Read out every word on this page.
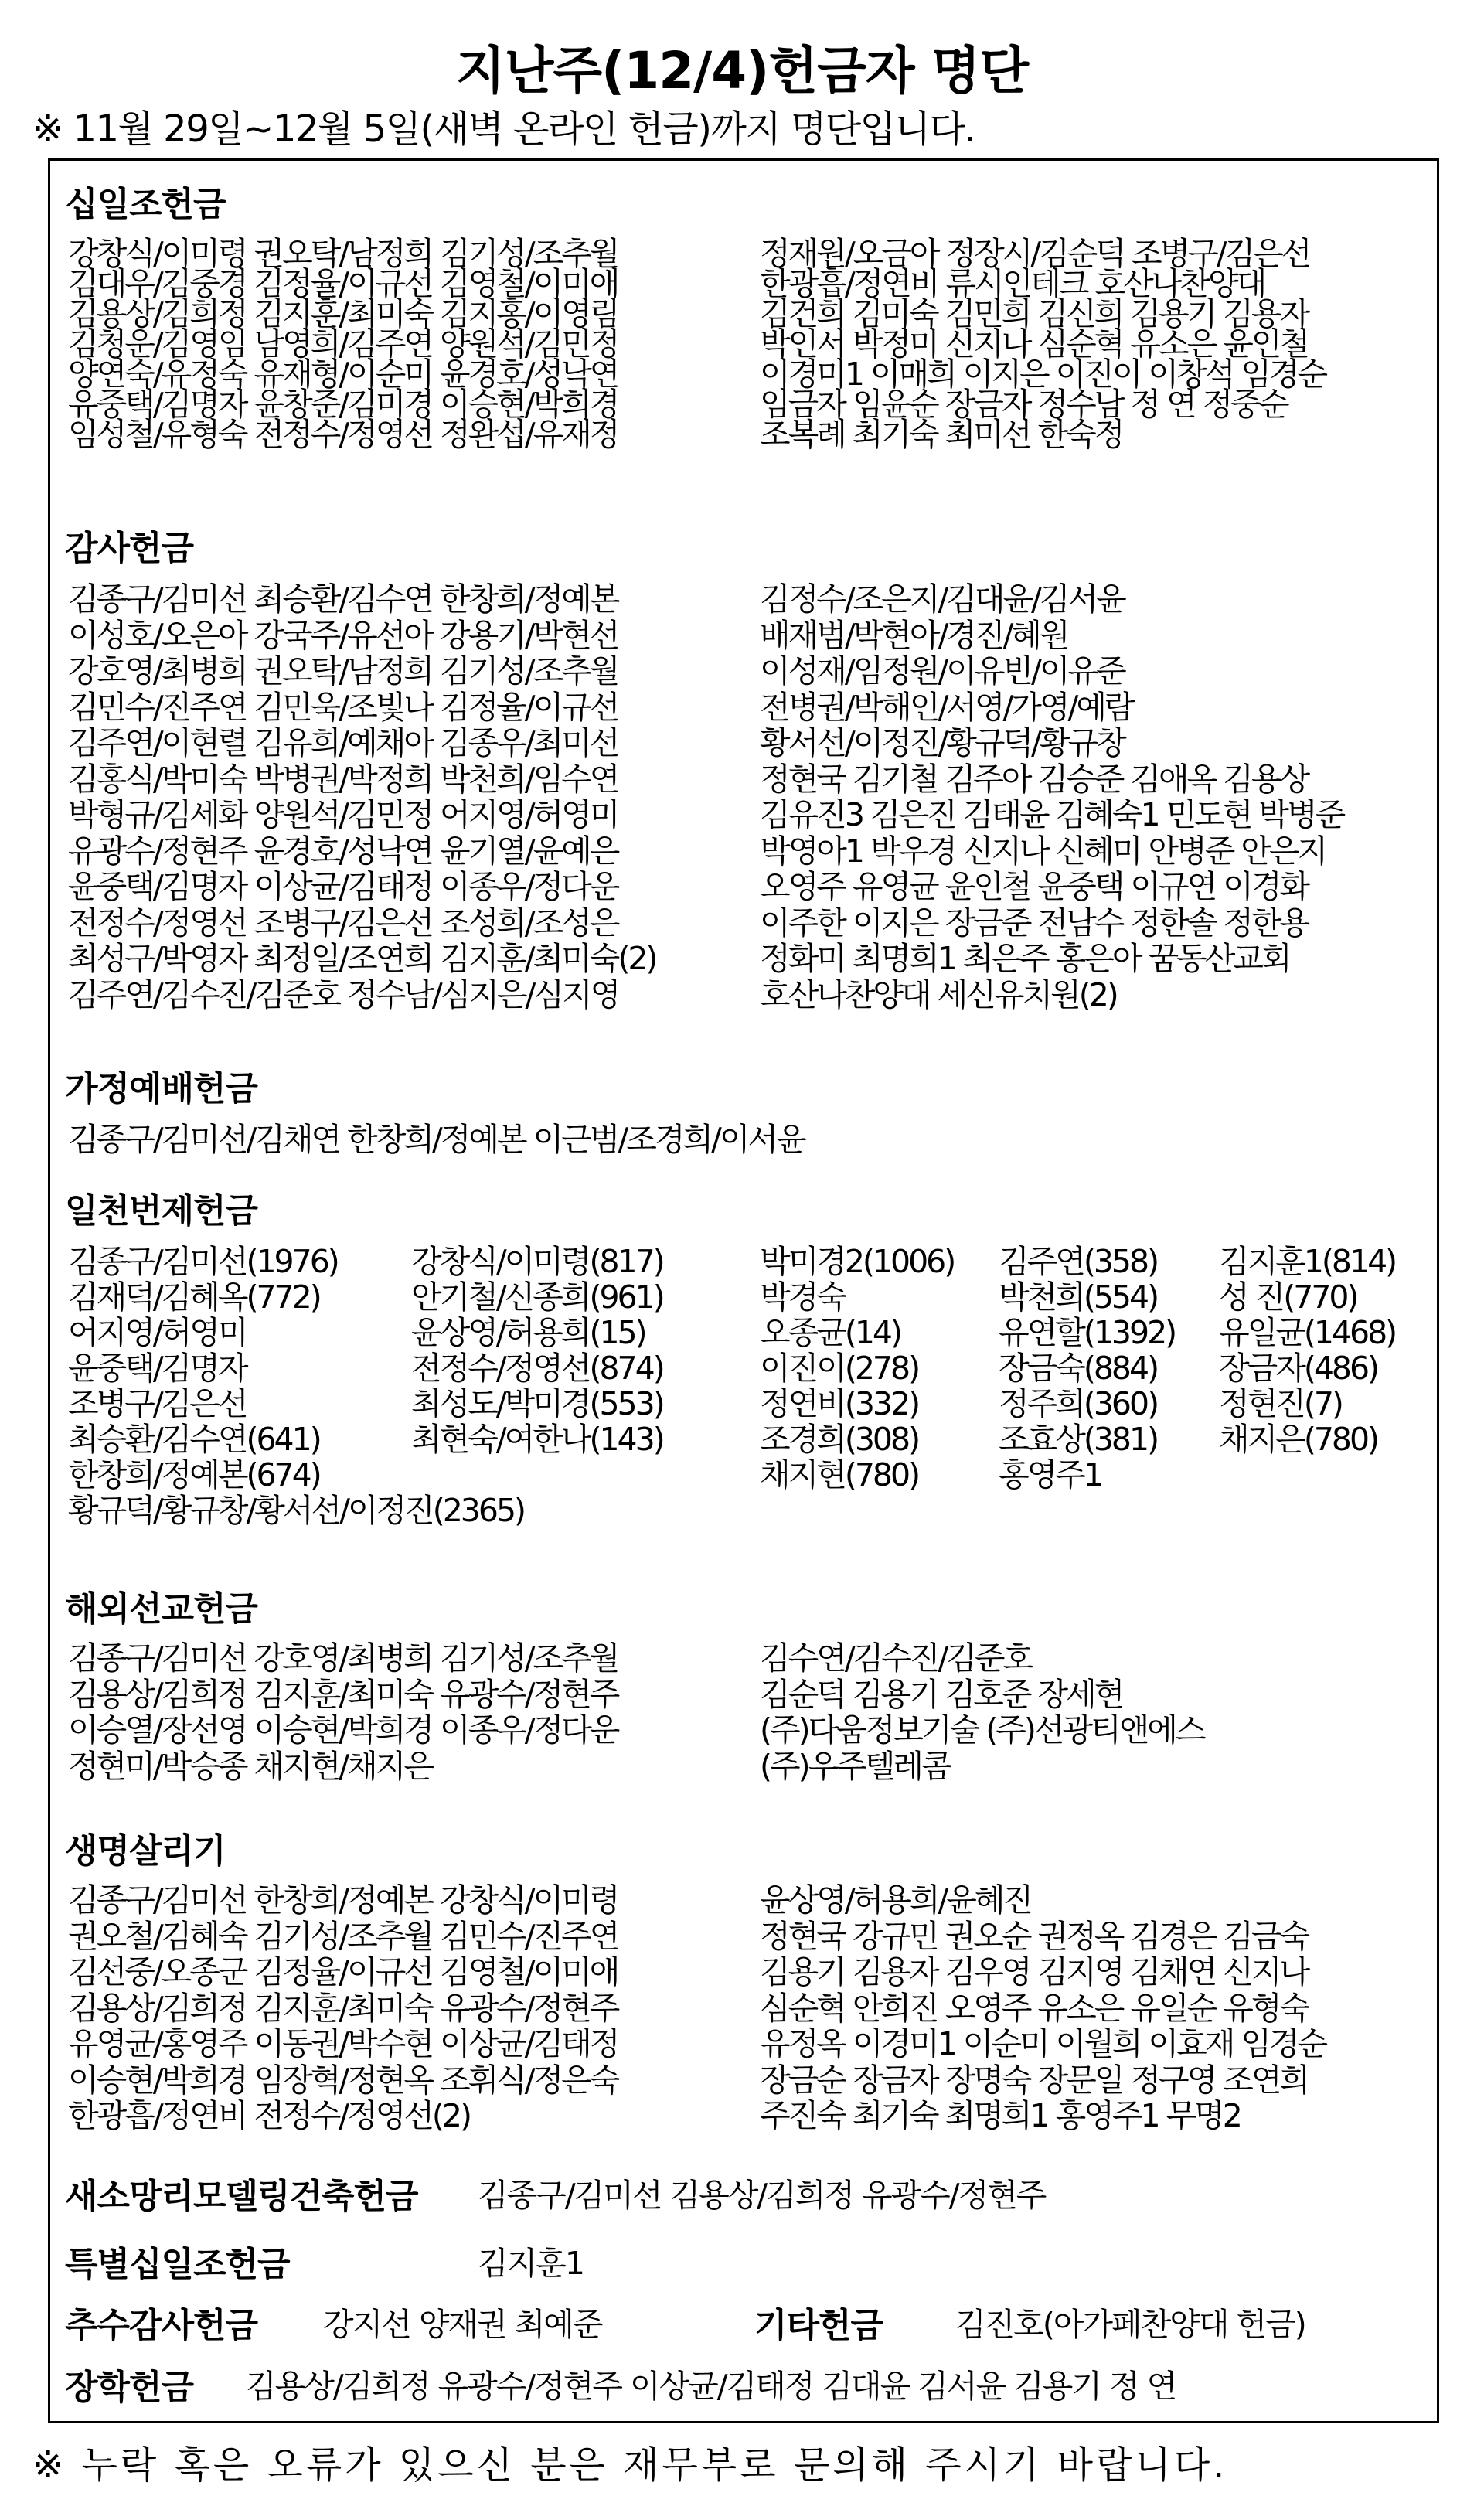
지난주(12/4)헌금자 명단
※ 11월 29일~12월 5일(새벽 온라인 헌금)까지 명단입니다.
십일조헌금
감사헌금
가정예배헌금
일천번제헌금
해외선교헌금
생명살리기
김종구/김미선/김채연 한창희/정예본 이근범/조경희/이서윤
새소망리모델링건축헌금 김종구/김미선 김용상/김희정 유광수/정현주
특별십일조헌금	김지훈1
추수감사헌금 강지선 양재권 최예준	기타헌금 김진호(아가페찬양대 헌금)
장학헌금 김용상/김희정 유광수/정현주 이상균/김태정 김대윤 김서윤 김용기 정 연
※ 누락 혹은 오류가 있으신 분은 재무부로 문의해 주시기 바랍니다.
강창식/이미령 권오탁/남정희 김기성/조추월
김대우/김중경 김정율/이규선 김영철/이미애
김용상/김희정 김지훈/최미숙 김지홍/이영림
김청운/김영임 남영희/김주연 양원석/김민정
양연숙/유정숙 유재형/이순미 윤경호/성낙연
유중택/김명자 윤창준/김미경 이승현/박희경
임성철/유형숙 전정수/정영선 정완섭/유재정
정재원/오금아 정장시/김순덕 조병구/김은선
한광흡/정연비 류시인테크 호산나찬양대
김건희 김미숙 김민희 김신희 김용기 김용자
박인서 박정미 신지나 심순혁 유소은 윤인철
이경미1 이매희 이지은 이진이 이창석 임경순
임금자 임윤순 장금자 정수남 정 연 정중순
조복례 최기숙 최미선 한숙정
김종구/김미선 최승환/김수연 한창희/정예본
이성호/오은아 강국주/유선아 강용기/박현선
강호영/최병희 권오탁/남정희 김기성/조추월
김민수/진주연 김민욱/조빛나 김정율/이규선
김주연/이현렬 김유희/예채아 김종우/최미선
김홍식/박미숙 박병권/박정희 박천희/임수연
박형규/김세화 양원석/김민정 어지영/허영미
유광수/정현주 윤경호/성낙연 윤기열/윤예은
윤중택/김명자 이상균/김태정 이종우/정다운
전정수/정영선 조병구/김은선 조성희/조성은
최성구/박영자 최정일/조연희 김지훈/최미숙(2)
김주연/김수진/김준호 정수남/심지은/심지영
김정수/조은지/김대윤/김서윤
배재범/박현아/경진/혜원
이성재/임정원/이유빈/이유준
전병권/박해인/서영/가영/예람
황서선/이정진/황규덕/황규창
정현국 김기철 김주아 김승준 김애옥 김용상
김유진3 김은진 김태윤 김혜숙1 민도현 박병준
박영아1 박우경 신지나 신혜미 안병준 안은지
오영주 유영균 윤인철 윤중택 이규연 이경화
이주한 이지은 장금준 전남수 정한솔 정한용
정화미 최명희1 최은주 홍은아 꿈동산교회
호산나찬양대 세신유치원(2)
김종구/김미선(1976)
김재덕/김혜옥(772)
어지영/허영미
윤중택/김명자
조병구/김은선
최승환/김수연(641)
한창희/정예본(674)
황규덕/황규창/황서선/이정진(2365)
강창식/이미령(817)
안기철/신종희(961)
윤상영/허용희(15)
전정수/정영선(874)
최성도/박미경(553)
최현숙/여한나(143)
박미경2(1006)
박경숙
오종균(14)
이진이(278)
정연비(332)
조경희(308)
채지현(780)
김주연(358)
박천희(554)
유연할(1392)
장금숙(884)
정주희(360)
조효상(381)
홍영주1
김지훈1(814)
성 진(770)
유일균(1468)
장금자(486)
정현진(7)
채지은(780)
김종구/김미선 강호영/최병희 김기성/조추월
김용상/김희정 김지훈/최미숙 유광수/정현주
이승열/장선영 이승현/박희경 이종우/정다운
정현미/박승종 채지현/채지은
김수연/김수진/김준호
김순덕 김용기 김호준 장세현
(주)다움정보기술 (주)선광티앤에스
(주)우주텔레콤
김종구/김미선 한창희/정예본 강창식/이미령
권오철/김혜숙 김기성/조추월 김민수/진주연
김선중/오종군 김정율/이규선 김영철/이미애
김용상/김희정 김지훈/최미숙 유광수/정현주
유영균/홍영주 이동권/박수현 이상균/김태정
이승현/박희경 임장혁/정현옥 조휘식/정은숙
한광흡/정연비 전정수/정영선(2)
윤상영/허용희/윤혜진
정현국 강규민 권오순 권정옥 김경은 김금숙
김용기 김용자 김우영 김지영 김채연 신지나
심순혁 안희진 오영주 유소은 유일순 유형숙
유정옥 이경미1 이순미 이월희 이효재 임경순
장금순 장금자 장명숙 장문일 정구영 조연희
주진숙 최기숙 최명희1 홍영주1 무명2
